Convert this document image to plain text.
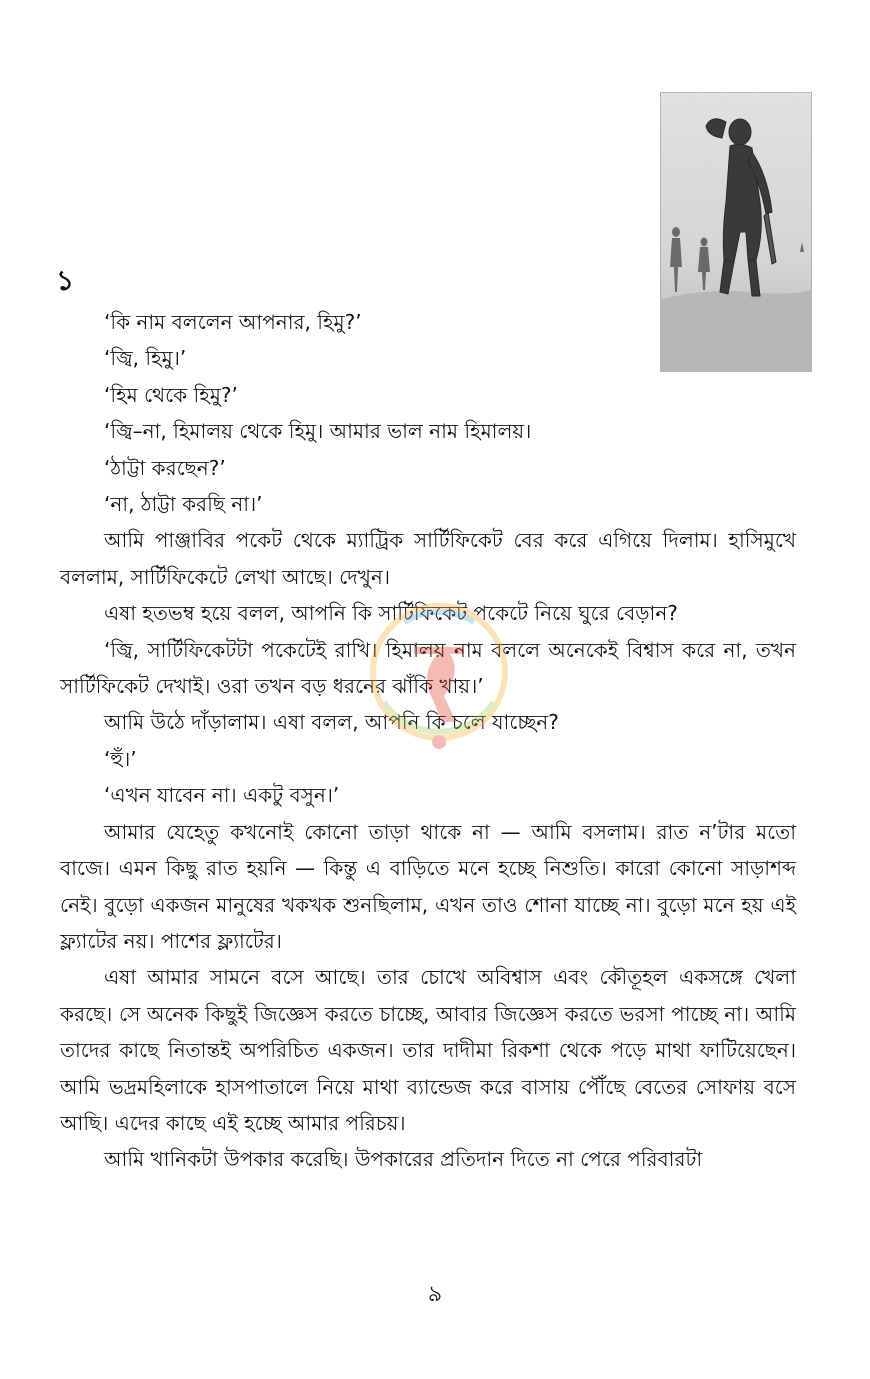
১

‘কি নাম বললেন আপনার, হিমু?’

‘জ্বি, হিমু।’

‘হিম থেকে হিমু?’

‘জ্বি–না, হিমালয় থেকে হিমু। আমার ভাল নাম হিমালয়।

‘ঠাট্টা করছেন?’

‘না, ঠাট্টা করছি না।’

আমি পাঞ্জাবির পকেট থেকে ম্যাট্রিক সার্টিফিকেট বের করে এগিয়ে দিলাম। হাসিমুখে বললাম, সার্টিফিকেটে লেখা আছে। দেখুন।

এষা হতভম্ব হয়ে বলল, আপনি কি সার্টিফিকেট পকেটে নিয়ে ঘুরে বেড়ান?

‘জ্বি, সার্টিফিকেটটা পকেটেই রাখি। হিমালয় নাম বললে অনেকেই বিশ্বাস করে না, তখন সার্টিফিকেট দেখাই। ওরা তখন বড় ধরনের ঝাঁকি খায়।’

আমি উঠে দাঁড়ালাম। এষা বলল, আপনি কি চলে যাচ্ছেন?

‘হুঁ।’

‘এখন যাবেন না। একটু বসুন।’

আমার যেহেতু কখনোই কোনো তাড়া থাকে না — আমি বসলাম। রাত ন’টার মতো বাজে। এমন কিছু রাত হয়নি — কিন্তু এ বাড়িতে মনে হচ্ছে নিশুতি। কারো কোনো সাড়াশব্দ নেই। বুড়ো একজন মানুষের খকখক শুনছিলাম, এখন তাও শোনা যাচ্ছে না। বুড়ো মনে হয় এই ফ্ল্যাটের নয়। পাশের ফ্ল্যাটের।

এষা আমার সামনে বসে আছে। তার চোখে অবিশ্বাস এবং কৌতূহল একসঙ্গে খেলা করছে। সে অনেক কিছুই জিজ্ঞেস করতে চাচ্ছে, আবার জিজ্ঞেস করতে ভরসা পাচ্ছে না। আমি তাদের কাছে নিতান্তই অপরিচিত একজন। তার দাদীমা রিকশা থেকে পড়ে মাথা ফাটিয়েছেন। আমি ভদ্রমহিলাকে হাসপাতালে নিয়ে মাথা ব্যান্ডেজ করে বাসায় পৌঁছে বেতের সোফায় বসে আছি। এদের কাছে এই হচ্ছে আমার পরিচয়।

আমি খানিকটা উপকার করেছি। উপকারের প্রতিদান দিতে না পেরে পরিবারটা

৯
